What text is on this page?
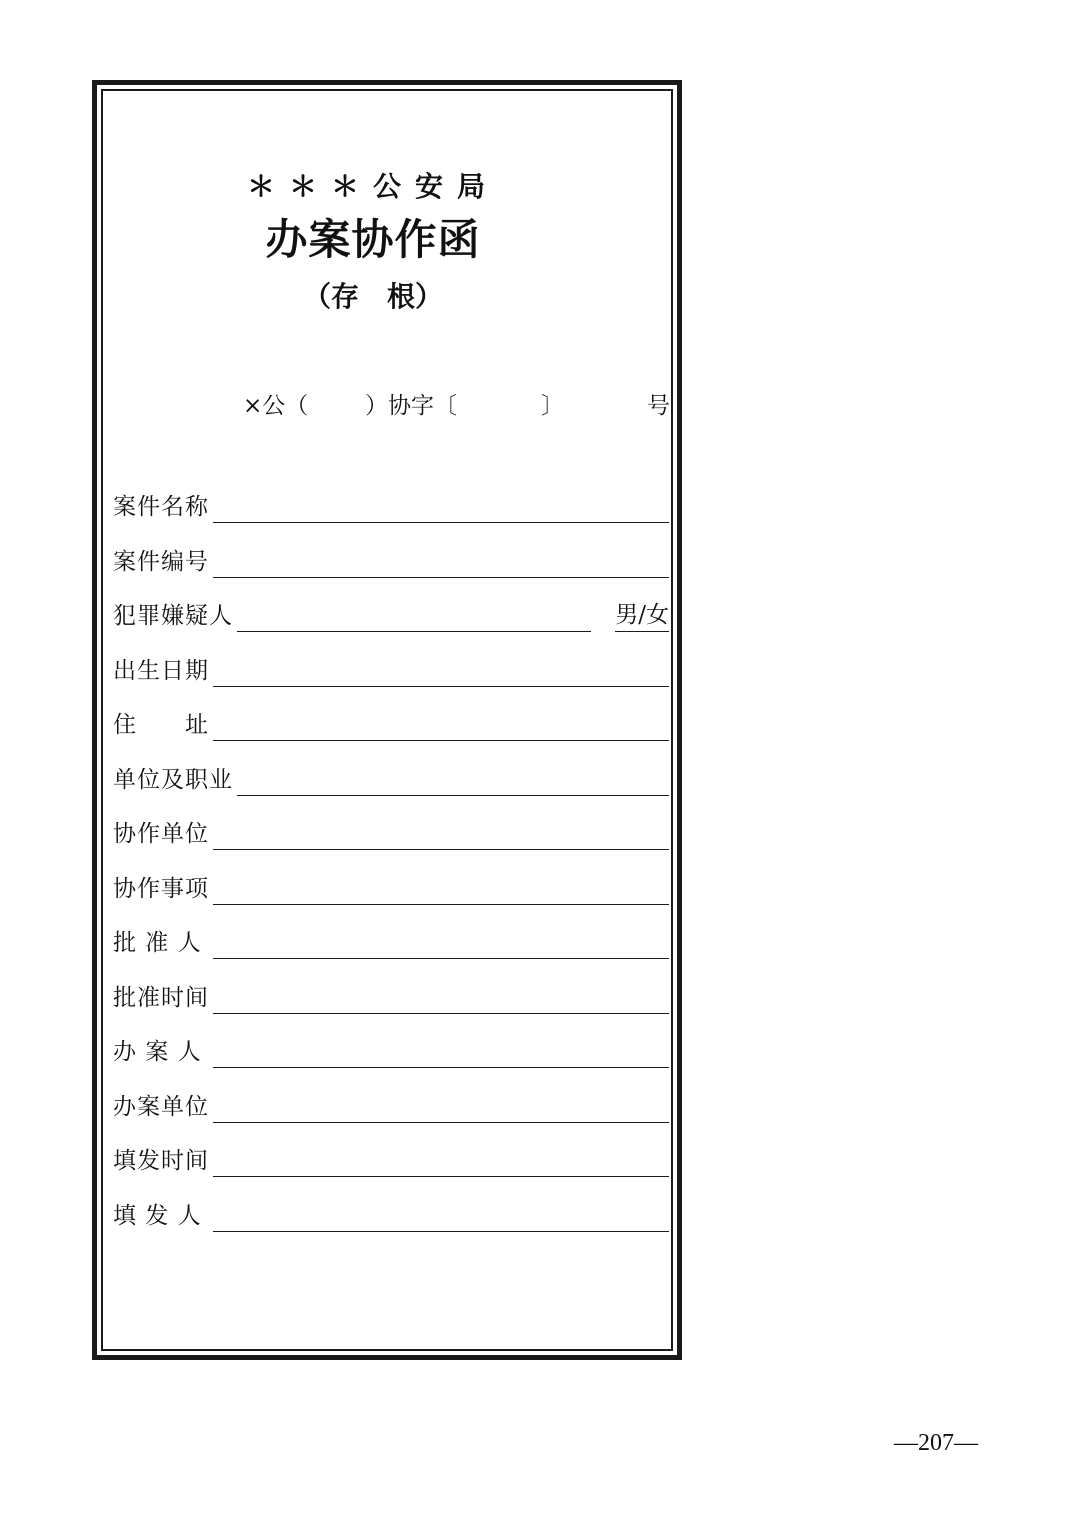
＊＊＊公安局
办案协作函
（存　根）
×公（ ）协字〔	〕	号
案件名称
案件编号
犯罪嫌疑人	男/女
出生日期
住　　址
单位及职业
协作单位
协作事项
批 准 人
批准时间
办 案 人
办案单位
填发时间
填 发 人
—207—
